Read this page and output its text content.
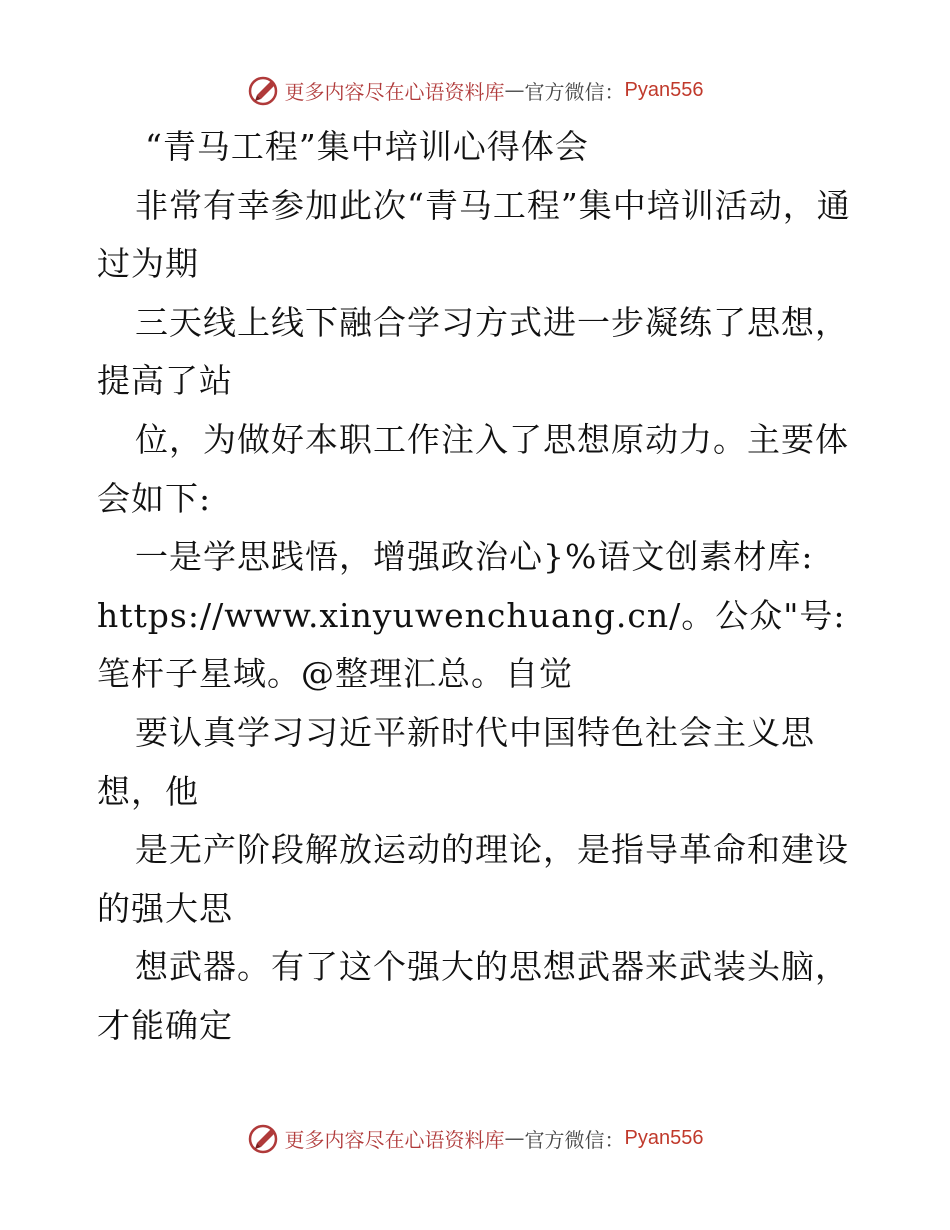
更多内容尽在心语资料库 — 官方微信： Pyan556

“青马工程”集中培训心得体会

非常有幸参加此次“青马工程”集中培训活动，通过为期

三天线上线下融合学习方式进一步凝练了思想，提高了站

位，为做好本职工作注入了思想原动力。主要体会如下:

一是学思践悟，增强政治心}%语文创素材库: https://www.xinyuwenchuang.cn/。公众"号: 笔杆子星域。@整理汇总。自觉

要认真学习习近平新时代中国特色社会主义思想，他

是无产阶段解放运动的理论，是指导革命和建设的强大思

想武器。有了这个强大的思想武器来武装头脑，才能确定

更多内容尽在心语资料库 — 官方微信： Pyan556
